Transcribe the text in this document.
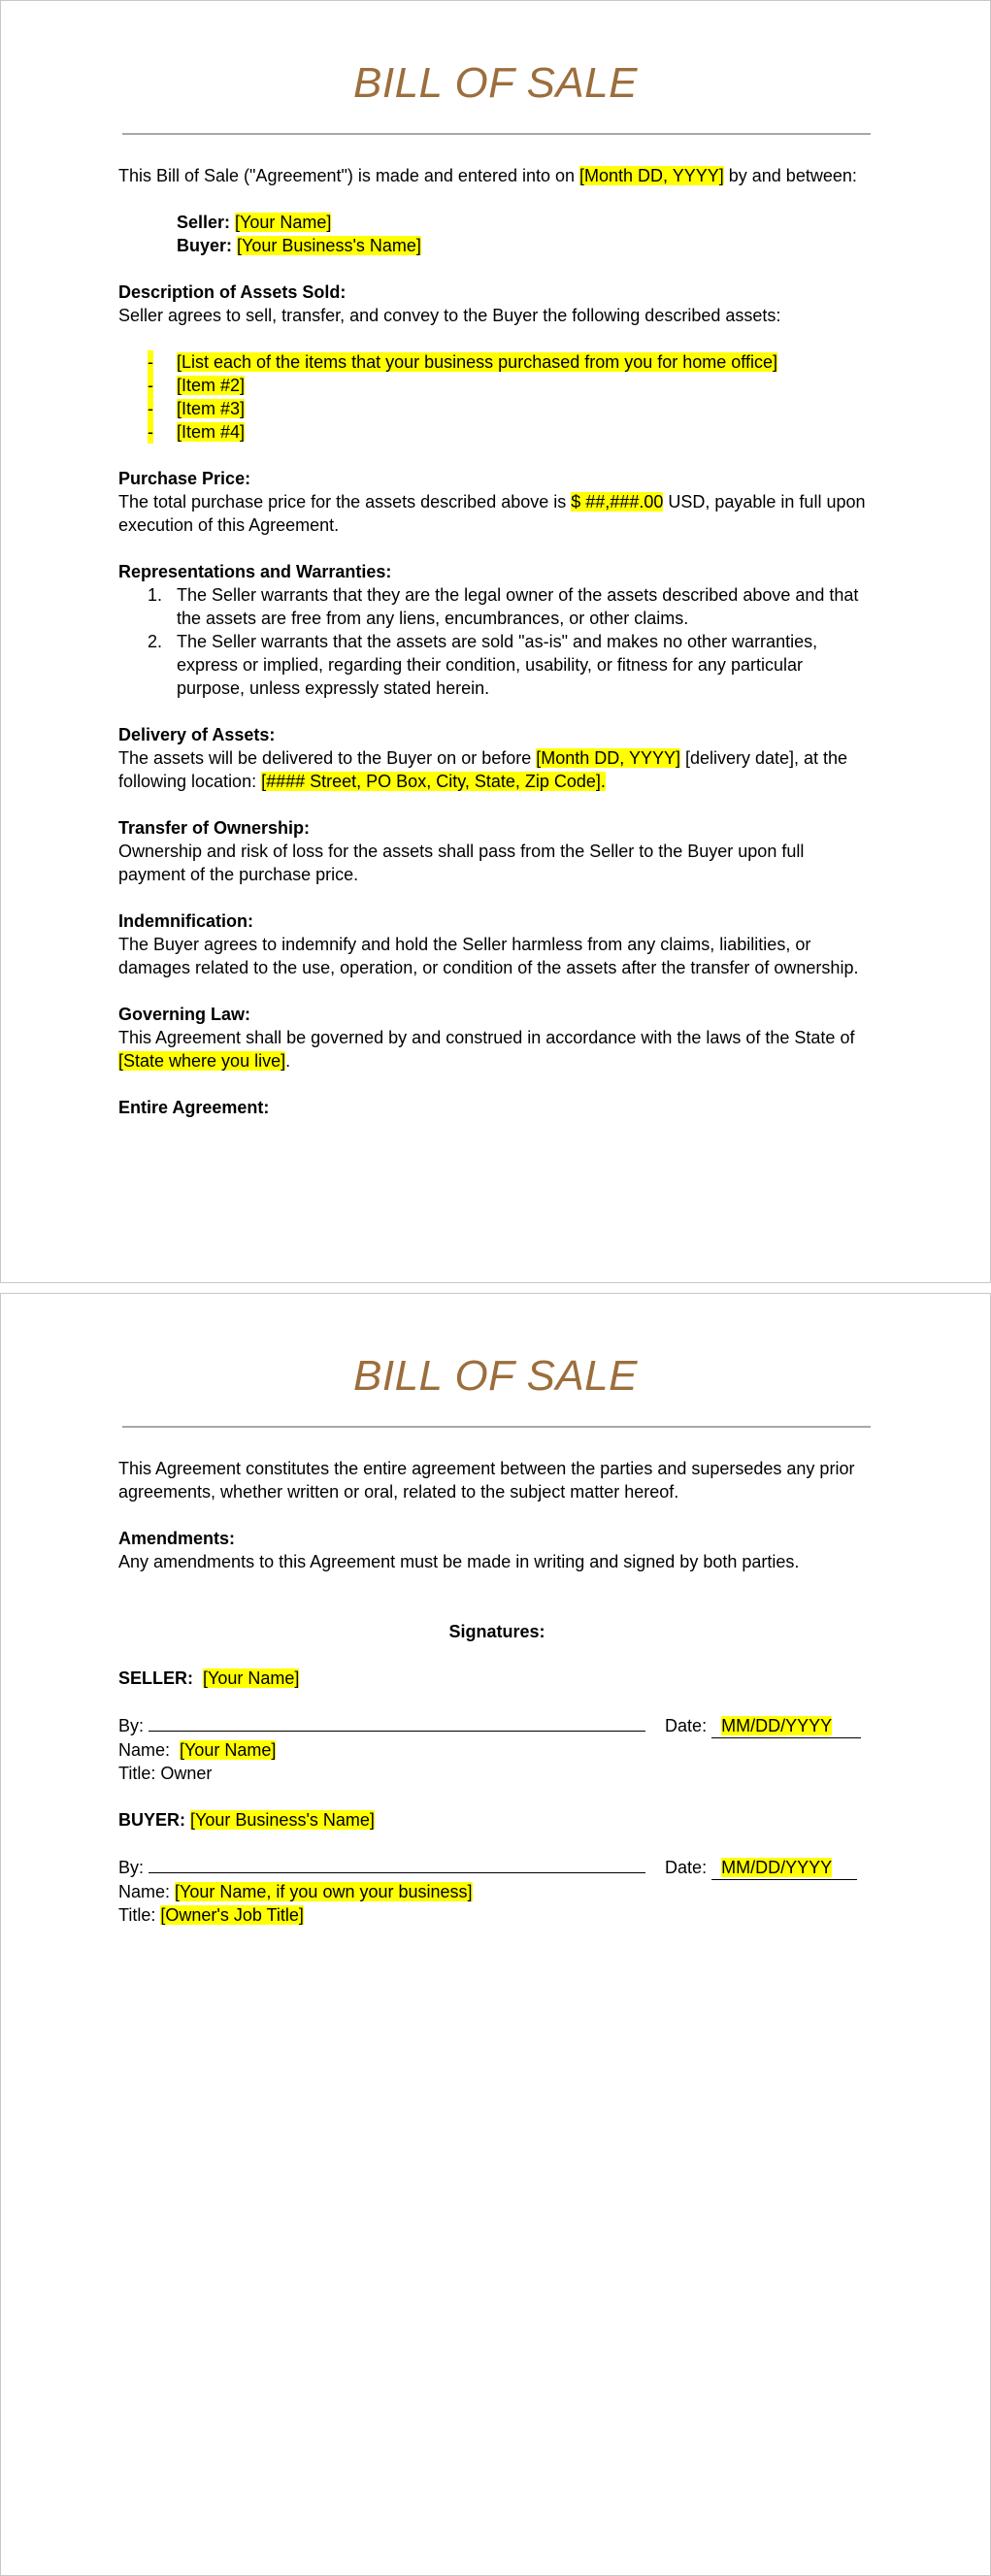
BILL OF SALE

This Bill of Sale ("Agreement") is made and entered into on [Month DD, YYYY] by and between:

Seller: [Your Name]

Buyer: [Your Business's Name]

Description of Assets Sold:

Seller agrees to sell, transfer, and convey to the Buyer the following described assets:

- [List each of the items that your business purchased from you for home office]
- [Item #2]
- [Item #3]
- [Item #4]

Purchase Price:

The total purchase price for the assets described above is $ ##,###.00 USD, payable in full upon execution of this Agreement.

Representations and Warranties:

1. The Seller warrants that they are the legal owner of the assets described above and that the assets are free from any liens, encumbrances, or other claims.
2. The Seller warrants that the assets are sold "as-is" and makes no other warranties, express or implied, regarding their condition, usability, or fitness for any particular purpose, unless expressly stated herein.

Delivery of Assets:

The assets will be delivered to the Buyer on or before [Month DD, YYYY] [delivery date], at the following location: [#### Street, PO Box, City, State, Zip Code].

Transfer of Ownership:

Ownership and risk of loss for the assets shall pass from the Seller to the Buyer upon full payment of the purchase price.

Indemnification:

The Buyer agrees to indemnify and hold the Seller harmless from any claims, liabilities, or damages related to the use, operation, or condition of the assets after the transfer of ownership.

Governing Law:

This Agreement shall be governed by and construed in accordance with the laws of the State of [State where you live].

Entire Agreement:

BILL OF SALE

This Agreement constitutes the entire agreement between the parties and supersedes any prior agreements, whether written or oral, related to the subject matter hereof.

Amendments:

Any amendments to this Agreement must be made in writing and signed by both parties.

Signatures:

SELLER: [Your Name]

By:	Date: MM/DD/YYYY

Name: [Your Name]

Title: Owner

BUYER: [Your Business's Name]

By:	Date: MM/DD/YYYY

Name: [Your Name, if you own your business]

Title: [Owner's Job Title]
